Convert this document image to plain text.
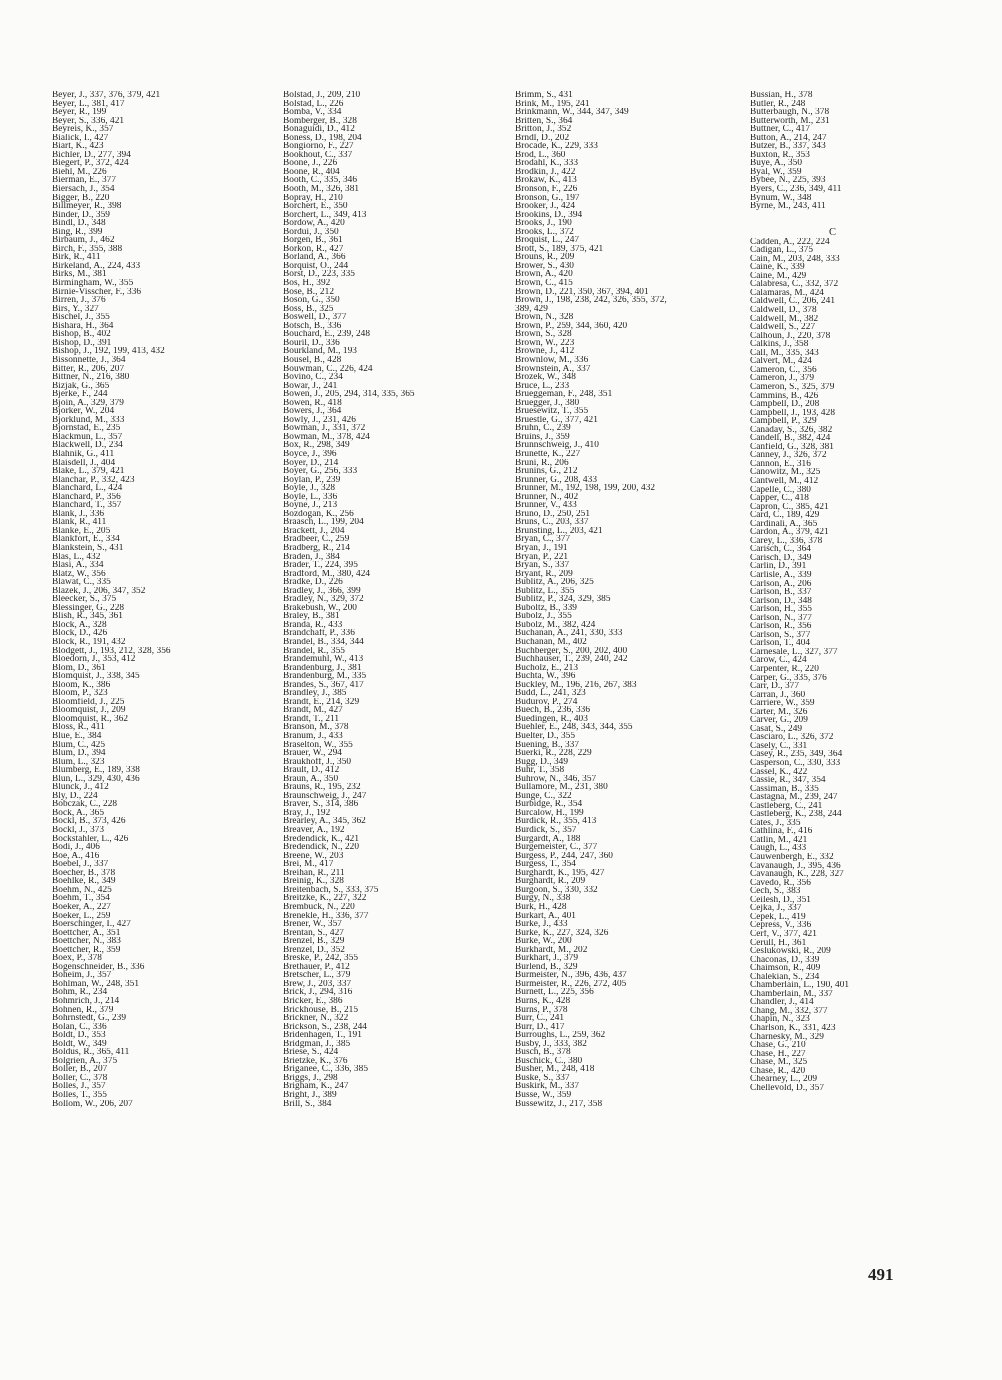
Beyer, J., 337, 376, 379, 421
Beyer, L., 381, 417
Beyer, R., 199
Beyer, S., 336, 421
Beyreis, K., 357
Bialick, I., 427
Biart, K., 423
Bichler, D., 277, 394
Biegert, P., 372, 424
Biehl, M., 226
Bierman, E., 377
Biersach, J., 354
Bigger, B., 220
Billmeyer, R., 398
Binder, D., 359
Bindl, D., 348
Bing, R., 399
Birbaum, J., 462
Birch, F., 355, 388
Birk, R., 411
Birkeland, A., 224, 433
Birks, M., 381
Birmingham, W., 355
Birnie-Visscher, F., 336
Birren, J., 376
Birs, Y., 327
Bischel, J., 355
Bishara, H., 364
Bishop, B., 402
Bishop, D., 391
Bishop, J., 192, 199, 413, 432
Bissonnette, J., 364
Bitter, R., 206, 207
Bittner, N., 216, 380
Bizjak, G., 365
Bjerke, F., 244
Bjoin, A., 329, 379
Bjorker, W., 204
Bjorklund, M., 333
Bjornstad, E., 235
Blackmun, L., 357
Blackwell, D., 234
Blahnik, G., 411
Blaisdell, J., 404
Blake, L., 379, 421
Blanchar, P., 332, 423
Blanchard, L., 424
Blanchard, P., 356
Blanchard, T., 357
Blank, J., 336
Blank, R., 411
Blanke, E., 205
Blankfort, E., 334
Blankstein, S., 431
Blas, L., 432
Blasi, A., 334
Blatz, W., 356
Blawat, C., 335
Blazek, J., 206, 347, 352
Bleecker, S., 375
Blessinger, G., 228
Blish, R., 345, 361
Block, A., 328
Block, D., 426
Block, R., 191, 432
Blodgett, J., 193, 212, 328, 356
Bloedorn, J., 353, 412
Blom, D., 361
Blomquist, J., 338, 345
Bloom, K., 386
Bloom, P., 323
Bloomfield, J., 225
Bloomquist, J., 209
Bloomquist, R., 362
Bloss, R., 411
Blue, E., 384
Blum, C., 425
Blum, D., 394
Blum, L., 323
Blumberg, E., 189, 338
Blun, L., 329, 430, 436
Blunck, J., 412
Bly, D., 224
Bobczak, C., 228
Bock, A., 365
Bockl, B., 373, 426
Bockl, J., 373
Bockstahler, L., 426
Bodi, J., 406
Boe, A., 416
Boebel, J., 337
Boecher, B., 378
Boehlke, R., 349
Boehm, N., 425
Boehm, T., 354
Boeker, A., 227
Boeker, L., 259
Boerschinger, I., 427
Boettcher, A., 351
Boettcher, N., 383
Boettcher, R., 359
Boex, P., 378
Bogenschneider, B., 336
Boheim, J., 357
Bohlman, W., 248, 351
Bohm, R., 234
Bohmrich, J., 214
Bohnen, R., 379
Bohrnstedt, G., 239
Bolan, C., 336
Boldt, D., 353
Boldt, W., 349
Boldus, R., 365, 411
Bolgrien, A., 375
Boller, B., 207
Boller, C., 378
Bolles, J., 357
Bolles, T., 355
Bollom, W., 206, 207
Bolstad, J., 209, 210
Bolstad, L., 226
Bomba, V., 334
Bomberger, B., 328
Bonaguidi, D., 412
Boness, D., 198, 204
Bongiorno, F., 227
Bookhout, C., 337
Boone, J., 226
Boone, R., 404
Booth, C., 335, 346
Booth, M., 326, 381
Bopray, H., 210
Borchert, E., 350
Borchert, L., 349, 413
Bordow, A., 420
Bordui, J., 350
Borgen, B., 361
Borkon, R., 427
Borland, A., 366
Borquist, O., 244
Borst, D., 223, 335
Bos, H., 392
Bose, B., 212
Boson, G., 350
Boss, B., 325
Boswell, D., 377
Botsch, B., 336
Bouchard, E., 239, 248
Bouril, D., 336
Bourkland, M., 193
Bousel, B., 428
Bouwman, C., 226, 424
Bovino, C., 234
Bowar, J., 241
Bowen, J., 205, 294, 314, 335, 365
Bowen, R., 418
Bowers, J., 364
Bowly, J., 231, 426
Bowman, J., 331, 372
Bowman, M., 378, 424
Box, R., 298, 349
Boyce, J., 396
Boyer, D., 214
Boyer, G., 256, 333
Boylan, P., 239
Boyle, J., 328
Boyle, L., 336
Boyne, J., 213
Bozdogan, K., 256
Braasch, L., 199, 204
Brackett, J., 204
Bradbeer, C., 259
Bradberg, R., 214
Braden, J., 384
Brader, T., 224, 395
Bradford, M., 380, 424
Bradke, D., 226
Bradley, J., 366, 399
Bradley, N., 329, 372
Brakebush, W., 200
Braley, B., 381
Branda, R., 433
Brandchaft, P., 336
Brandel, B., 334, 344
Brandel, R., 355
Brandemuhl, W., 413
Brandenburg, J., 381
Brandenburg, M., 335
Brandes, S., 367, 417
Brandley, J., 385
Brandt, E., 214, 329
Brandt, M., 427
Brandt, T., 211
Branson, M., 378
Branum, J., 433
Braselton, W., 355
Brauer, W., 294
Braukhoff, J., 350
Brault, D., 412
Braun, A., 350
Brauns, R., 195, 232
Braunschweig, J., 247
Braver, S., 314, 386
Bray, J., 192
Brearley, A., 345, 362
Breaver, A., 192
Bredendick, K., 421
Bredendick, N., 220
Breene, W., 203
Brei, M., 417
Breihan, R., 211
Breinig, K., 328
Breitenbach, S., 333, 375
Breitzke, K., 227, 322
Brembuck, N., 220
Brenekle, H., 336, 377
Brener, W., 357
Brentan, S., 427
Brenzel, B., 329
Brenzel, D., 352
Breske, P., 242, 355
Brethauer, P., 412
Bretscher, L., 379
Brew, J., 203, 337
Brick, J., 294, 316
Bricker, E., 386
Brickhouse, B., 215
Brickner, N., 322
Brickson, S., 238, 244
Bridenhagen, T., 191
Bridgman, J., 385
Briese, S., 424
Brietzke, K., 376
Briganee, C., 336, 385
Briggs, J., 298
Brigham, K., 247
Bright, J., 389
Brill, S., 384
Brimm, S., 431
Brink, M., 195, 241
Brinkmann, W., 344, 347, 349
Britten, S., 364
Britton, J., 352
Brndl, D., 202
Brocade, K., 229, 333
Brod, L., 360
Brodahl, K., 333
Brodkin, J., 422
Brokaw, K., 413
Bronson, F., 226
Bronson, G., 197
Brooker, J., 424
Brookins, D., 394
Brooks, J., 190
Brooks, L., 372
Broquist, L., 247
Brott, S., 189, 375, 421
Brouns, R., 209
Brower, S., 430
Brown, A., 420
Brown, C., 415
Brown, D., 221, 350, 367, 394, 401
Brown, J., 198, 238, 242, 326, 355, 372,
389, 429
Brown, N., 328
Brown, P., 259, 344, 360, 420
Brown, S., 328
Brown, W., 223
Browne, J., 412
Brownlow, M., 336
Brownstein, A., 337
Brozek, W., 348
Bruce, L., 233
Brueggeman, F., 248, 351
Bruegger, J., 380
Bruesewitz, T., 355
Bruestle, G., 377, 421
Bruhn, C., 239
Bruins, J., 359
Brunnschweig, J., 410
Brunette, K., 227
Bruni, R., 206
Brunins, G., 212
Brunner, G., 208, 433
Brunner, M., 192, 198, 199, 200, 432
Brunner, N., 402
Brunner, V., 433
Bruno, D., 250, 251
Bruns, C., 203, 337
Brunsting, L., 203, 421
Bryan, C., 377
Bryan, J., 191
Bryan, P., 221
Bryan, S., 337
Bryant, R., 209
Bublitz, A., 206, 325
Bublitz, L., 355
Bublitz, P., 324, 329, 385
Buboltz, B., 339
Bubolz, J., 355
Bubolz, M., 382, 424
Buchanan, A., 241, 330, 333
Buchanan, M., 402
Buchberger, S., 200, 202, 400
Buchhauser, T., 239, 240, 242
Bucholz, E., 213
Buchta, W., 396
Buckley, M., 196, 216, 267, 383
Budd, L., 241, 323
Budurov, P., 274
Buech, B., 236, 336
Buedingen, R., 403
Buehler, E., 248, 343, 344, 355
Buelter, D., 355
Buening, B., 337
Buerki, R., 228, 229
Bugg, D., 349
Buhr, T., 358
Buhrow, N., 346, 357
Bullamore, M., 231, 380
Bunge, C., 322
Burbidge, R., 354
Burcalow, H., 199
Burdick, R., 355, 413
Burdick, S., 357
Burgardt, A., 188
Burgemeister, C., 377
Burgess, P., 244, 247, 360
Burgess, T., 354
Burghardt, K., 195, 427
Burghardt, R., 209
Burgoon, S., 330, 332
Burgy, N., 338
Burk, H., 428
Burkart, A., 401
Burke, J., 433
Burke, K., 227, 324, 326
Burke, W., 200
Burkhardt, M., 202
Burkhart, J., 379
Burlend, B., 329
Burmeister, N., 396, 436, 437
Burmeister, R., 226, 272, 405
Burnett, L., 225, 356
Burns, K., 428
Burns, P., 378
Burr, C., 241
Burr, D., 417
Burroughs, L., 259, 362
Busby, J., 333, 382
Busch, B., 378
Buschick, C., 380
Busher, M., 248, 418
Buske, S., 337
Buskirk, M., 337
Busse, W., 359
Bussewitz, J., 217, 358
Bussian, H., 378
Butler, R., 248
Butterbaugh, N., 378
Butterworth, M., 231
Buttner, C., 417
Button, A., 214, 247
Butzer, B., 337, 343
Buxton, R., 353
Buye, A., 350
Byal, W., 359
Bybee, N., 225, 393
Byers, C., 236, 349, 411
Bynum, W., 348
Byrne, M., 243, 411
C
Cadden, A., 222, 224
Cadigan, L., 375
Cain, M., 203, 248, 333
Caine, K., 339
Caine, M., 429
Calabresa, C., 332, 372
Calamaras, M., 424
Caldwell, C., 206, 241
Caldwell, D., 378
Caldwell, M., 382
Caldwell, S., 227
Calhoun, J., 220, 378
Calkins, J., 358
Call, M., 335, 343
Calvert, M., 424
Cameron, C., 356
Cameron, J., 379
Cameron, S., 325, 379
Cammins, B., 426
Campbell, D., 208
Campbell, J., 193, 428
Campbell, P., 329
Canaday, S., 326, 382
Candell, B., 382, 424
Canfield, G., 328, 381
Canney, J., 326, 372
Cannon, E., 316
Canowitz, M., 325
Cantwell, M., 412
Capelle, C., 380
Capper, C., 418
Capron, C., 385, 421
Card, C., 189, 429
Cardinali, A., 365
Cardon, A., 379, 421
Carey, L., 336, 378
Carisch, C., 364
Carisch, D., 349
Carlin, D., 391
Carlisle, A., 339
Carlson, A., 206
Carlson, B., 337
Carlson, D., 348
Carlson, H., 355
Carlson, N., 377
Carlson, R., 356
Carlson, S., 377
Carlson, T., 404
Carnesale, L., 327, 377
Carow, C., 424
Carpenter, R., 220
Carper, G., 335, 376
Carr, D., 377
Carran, J., 360
Carriere, W., 359
Carter, M., 326
Carver, G., 209
Casat, S., 249
Casciaro, L., 326, 372
Casely, C., 331
Casey, R., 235, 349, 364
Casperson, C., 330, 333
Cassel, K., 422
Cassie, R., 347, 354
Cassiman, B., 335
Castagna, M., 239, 247
Castleberg, C., 241
Castleberg, K., 238, 244
Cates, J., 335
Cathlina, F., 416
Catlin, M., 421
Caugh, L., 433
Cauwenbergh, E., 332
Cavanaugh, J., 395, 436
Cavanaugh, K., 228, 327
Cavedo, R., 356
Cech, S., 383
Ceilesh, D., 351
Cejka, J., 337
Cepek, L., 419
Cepress, V., 336
Cerf, V., 377, 421
Cerull, H., 361
Ceslukowski, R., 209
Chaconas, D., 339
Chaimson, R., 409
Chalekian, S., 234
Chamberlain, L., 190, 401
Chamberlain, M., 337
Chandler, J., 414
Chang, M., 332, 377
Chapin, N., 323
Charlson, K., 331, 423
Charnesky, M., 329
Chase, G., 210
Chase, H., 227
Chase, M., 325
Chase, R., 420
Chearney, L., 209
Chellevold, D., 357
491
